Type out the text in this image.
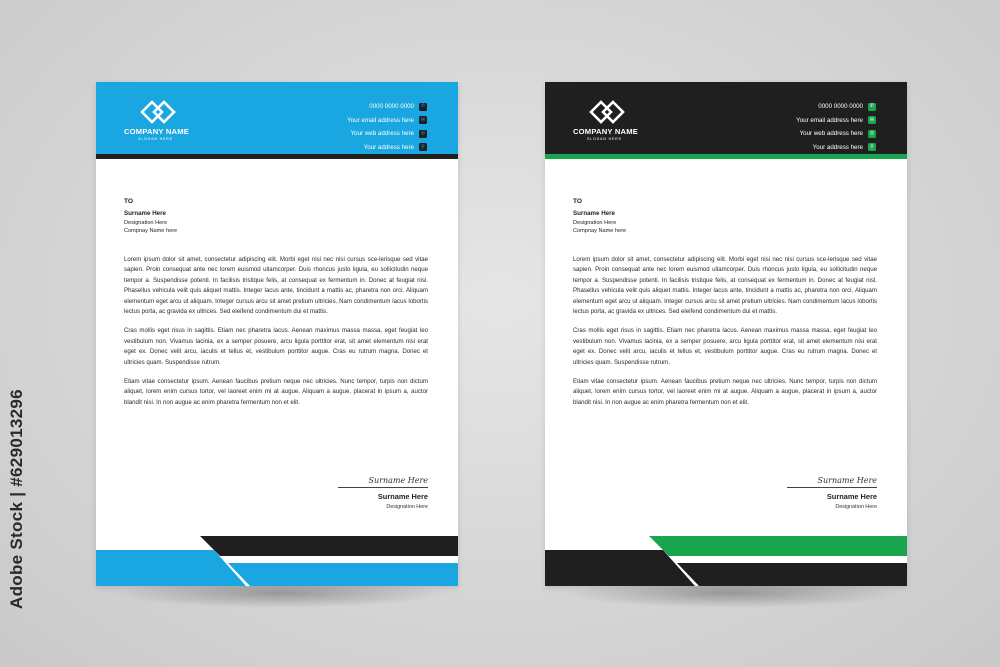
Adobe Stock | #629013296
COMPANY NAME
SLOGAN HERE
0000 0000 0000	✆
Your email address here	✉
Your web address here	◎
Your address here	⚲
TO
Surname Here
Designation Here
Compnay Name here

Lorem ipsum dolor sit amet, consectetur adipiscing elit. Morbi eget nisi nec nisi cursus sce-lerisque sed vitae sapien. Proin consequat ante nec lorem euismod ullamcorper. Duis rhoncus justo ligula, eu sollicitudin neque tempor a. Suspendisse potenti. In facilisis tristique felis, at consequat ex fermentum in. Donec at feugiat nisl. Phasellus vehicula velit quis aliquet mattis. Integer lacus ante, tincidunt a mattis ac, pharetra non orci. Aliquam elementum eget arcu ut aliquam. Integer cursus arcu sit amet pretium ultricies. Nam condimentum lacus lobortis lectus porta, ac gravida ex ultrices. Sed eleifend condimentum dui et mattis.

Cras mollis eget risus in sagittis. Etiam nec pharetra lacus. Aenean maximus massa massa, eget feugiat leo vestibulum non. Vivamus lacinia, ex a semper posuere, arcu ligula porttitor erat, sit amet elementum nisi erat eget ex. Donec velit arcu, iaculis et tellus et, vestibulum porttitor augue. Cras eu rutrum magna. Donec et ultricies quam. Suspendisse rutrum.

Etiam vitae consectetur ipsum. Aenean faucibus pretium neque nec ultricies. Nunc tempor, turpis non dictum aliquet, lorem enim cursus tortor, vel laoreet enim mi at augue. Aliquam a augue, placerat in ipsum a, auctor blandit nisi. In non augue ac enim pharetra fermentum non et elit.

Surname Here
Surname Here
Designation Here
COMPANY NAME
SLOGAN HERE
0000 0000 0000	✆
Your email address here	✉
Your web address here	◎
Your address here	⚲
TO
Surname Here
Designation Here
Compnay Name here

Lorem ipsum dolor sit amet, consectetur adipiscing elit. Morbi eget nisi nec nisi cursus sce-lerisque sed vitae sapien. Proin consequat ante nec lorem euismod ullamcorper. Duis rhoncus justo ligula, eu sollicitudin neque tempor a. Suspendisse potenti. In facilisis tristique felis, at consequat ex fermentum in. Donec at feugiat nisl. Phasellus vehicula velit quis aliquet mattis. Integer lacus ante, tincidunt a mattis ac, pharetra non orci. Aliquam elementum eget arcu ut aliquam. Integer cursus arcu sit amet pretium ultricies. Nam condimentum lacus lobortis lectus porta, ac gravida ex ultrices. Sed eleifend condimentum dui et mattis.

Cras mollis eget risus in sagittis. Etiam nec pharetra lacus. Aenean maximus massa massa, eget feugiat leo vestibulum non. Vivamus lacinia, ex a semper posuere, arcu ligula porttitor erat, sit amet elementum nisi erat eget ex. Donec velit arcu, iaculis et tellus et, vestibulum porttitor augue. Cras eu rutrum magna. Donec et ultricies quam. Suspendisse rutrum.

Etiam vitae consectetur ipsum. Aenean faucibus pretium neque nec ultricies. Nunc tempor, turpis non dictum aliquet, lorem enim cursus tortor, vel laoreet enim mi at augue. Aliquam a augue, placerat in ipsum a, auctor blandit nisi. In non augue ac enim pharetra fermentum non et elit.

Surname Here
Surname Here
Designation Here
